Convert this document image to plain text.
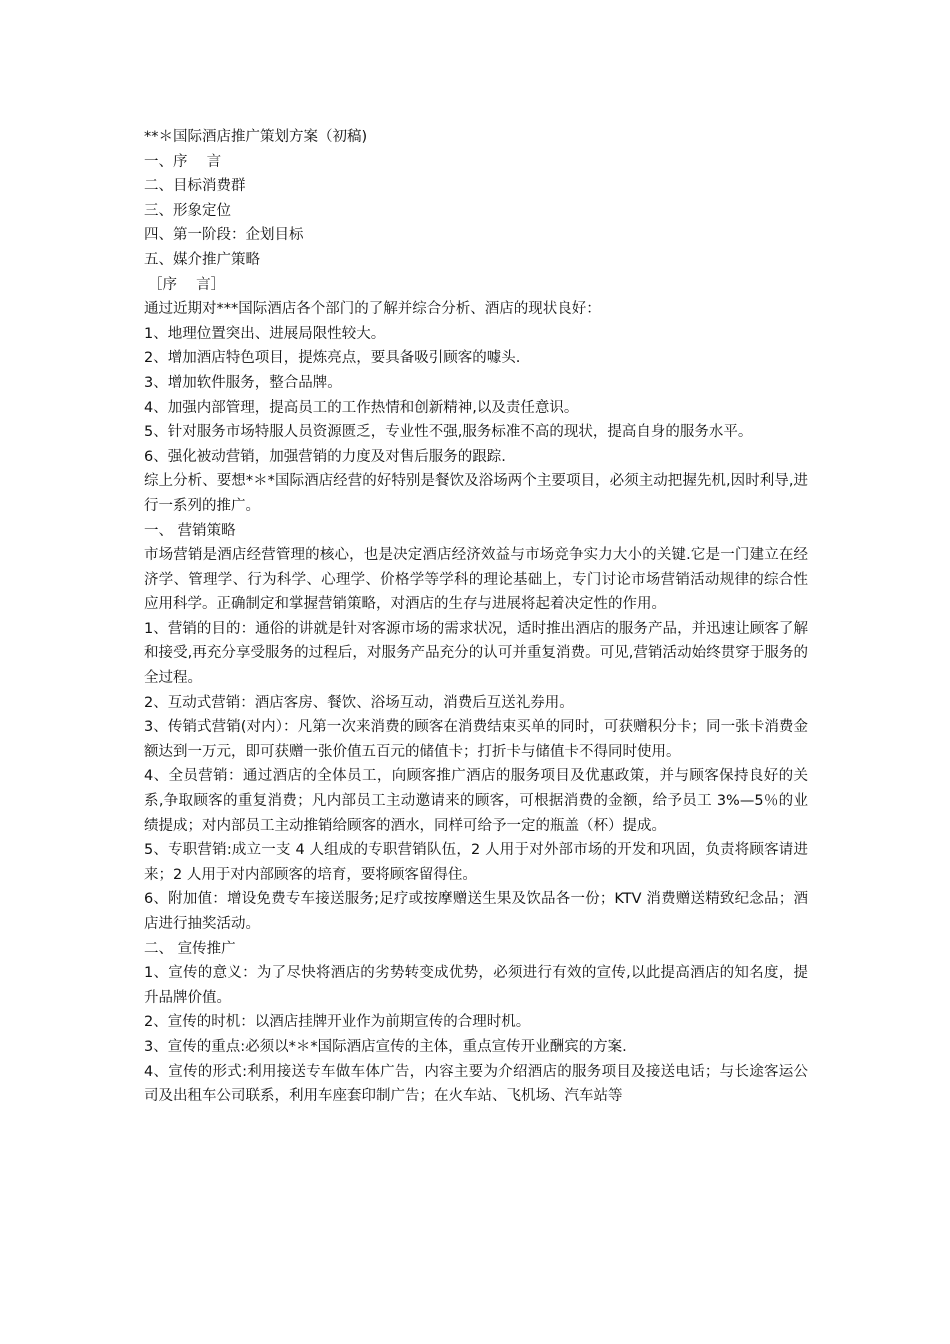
**＊国际酒店推广策划方案（初稿)

一、序　 言

二、目标消费群

三、形象定位

四、第一阶段：企划目标

五、媒介推广策略

［序　 言］

通过近期对***国际酒店各个部门的了解并综合分析、酒店的现状良好：

1、地理位置突出、进展局限性较大。

2、增加酒店特色项目，提炼亮点，要具备吸引顾客的噱头.

3、增加软件服务，整合品牌。

4、加强内部管理，提高员工的工作热情和创新精神,以及责任意识。

5、针对服务市场特服人员资源匮乏，专业性不强,服务标准不高的现状，提高自身的服务水平。

6、强化被动营销，加强营销的力度及对售后服务的跟踪.

综上分析、要想*＊*国际酒店经营的好特别是餐饮及浴场两个主要项目，必须主动把握先机,因时利导,进行一系列的推广。

一、 营销策略

市场营销是酒店经营管理的核心，也是决定酒店经济效益与市场竞争实力大小的关键.它是一门建立在经济学、管理学、行为科学、心理学、价格学等学科的理论基础上，专门讨论市场营销活动规律的综合性应用科学。正确制定和掌握营销策略，对酒店的生存与进展将起着决定性的作用。

1、营销的目的：通俗的讲就是针对客源市场的需求状况，适时推出酒店的服务产品，并迅速让顾客了解和接受,再充分享受服务的过程后，对服务产品充分的认可并重复消费。可见,营销活动始终贯穿于服务的全过程。

2、互动式营销：酒店客房、餐饮、浴场互动，消费后互送礼券用。

3、传销式营销(对内）：凡第一次来消费的顾客在消费结束买单的同时，可获赠积分卡；同一张卡消费金额达到一万元，即可获赠一张价值五百元的储值卡；打折卡与储值卡不得同时使用。

4、全员营销：通过酒店的全体员工，向顾客推广酒店的服务项目及优惠政策，并与顾客保持良好的关系,争取顾客的重复消费；凡内部员工主动邀请来的顾客，可根据消费的金额，给予员工 3%—5％的业绩提成；对内部员工主动推销给顾客的酒水，同样可给予一定的瓶盖（杯）提成。

5、专职营销:成立一支 4 人组成的专职营销队伍，2 人用于对外部市场的开发和巩固，负责将顾客请进来；2 人用于对内部顾客的培育，要将顾客留得住。

6、附加值：增设免费专车接送服务;足疗或按摩赠送生果及饮品各一份；KTV 消费赠送精致纪念品；酒店进行抽奖活动。

二、 宣传推广

1、宣传的意义：为了尽快将酒店的劣势转变成优势，必须进行有效的宣传,以此提高酒店的知名度，提升品牌价值。

2、宣传的时机：以酒店挂牌开业作为前期宣传的合理时机。

3、宣传的重点:必须以*＊*国际酒店宣传的主体，重点宣传开业酬宾的方案.

4、宣传的形式:利用接送专车做车体广告，内容主要为介绍酒店的服务项目及接送电话；与长途客运公司及出租车公司联系，利用车座套印制广告；在火车站、飞机场、汽车站等
